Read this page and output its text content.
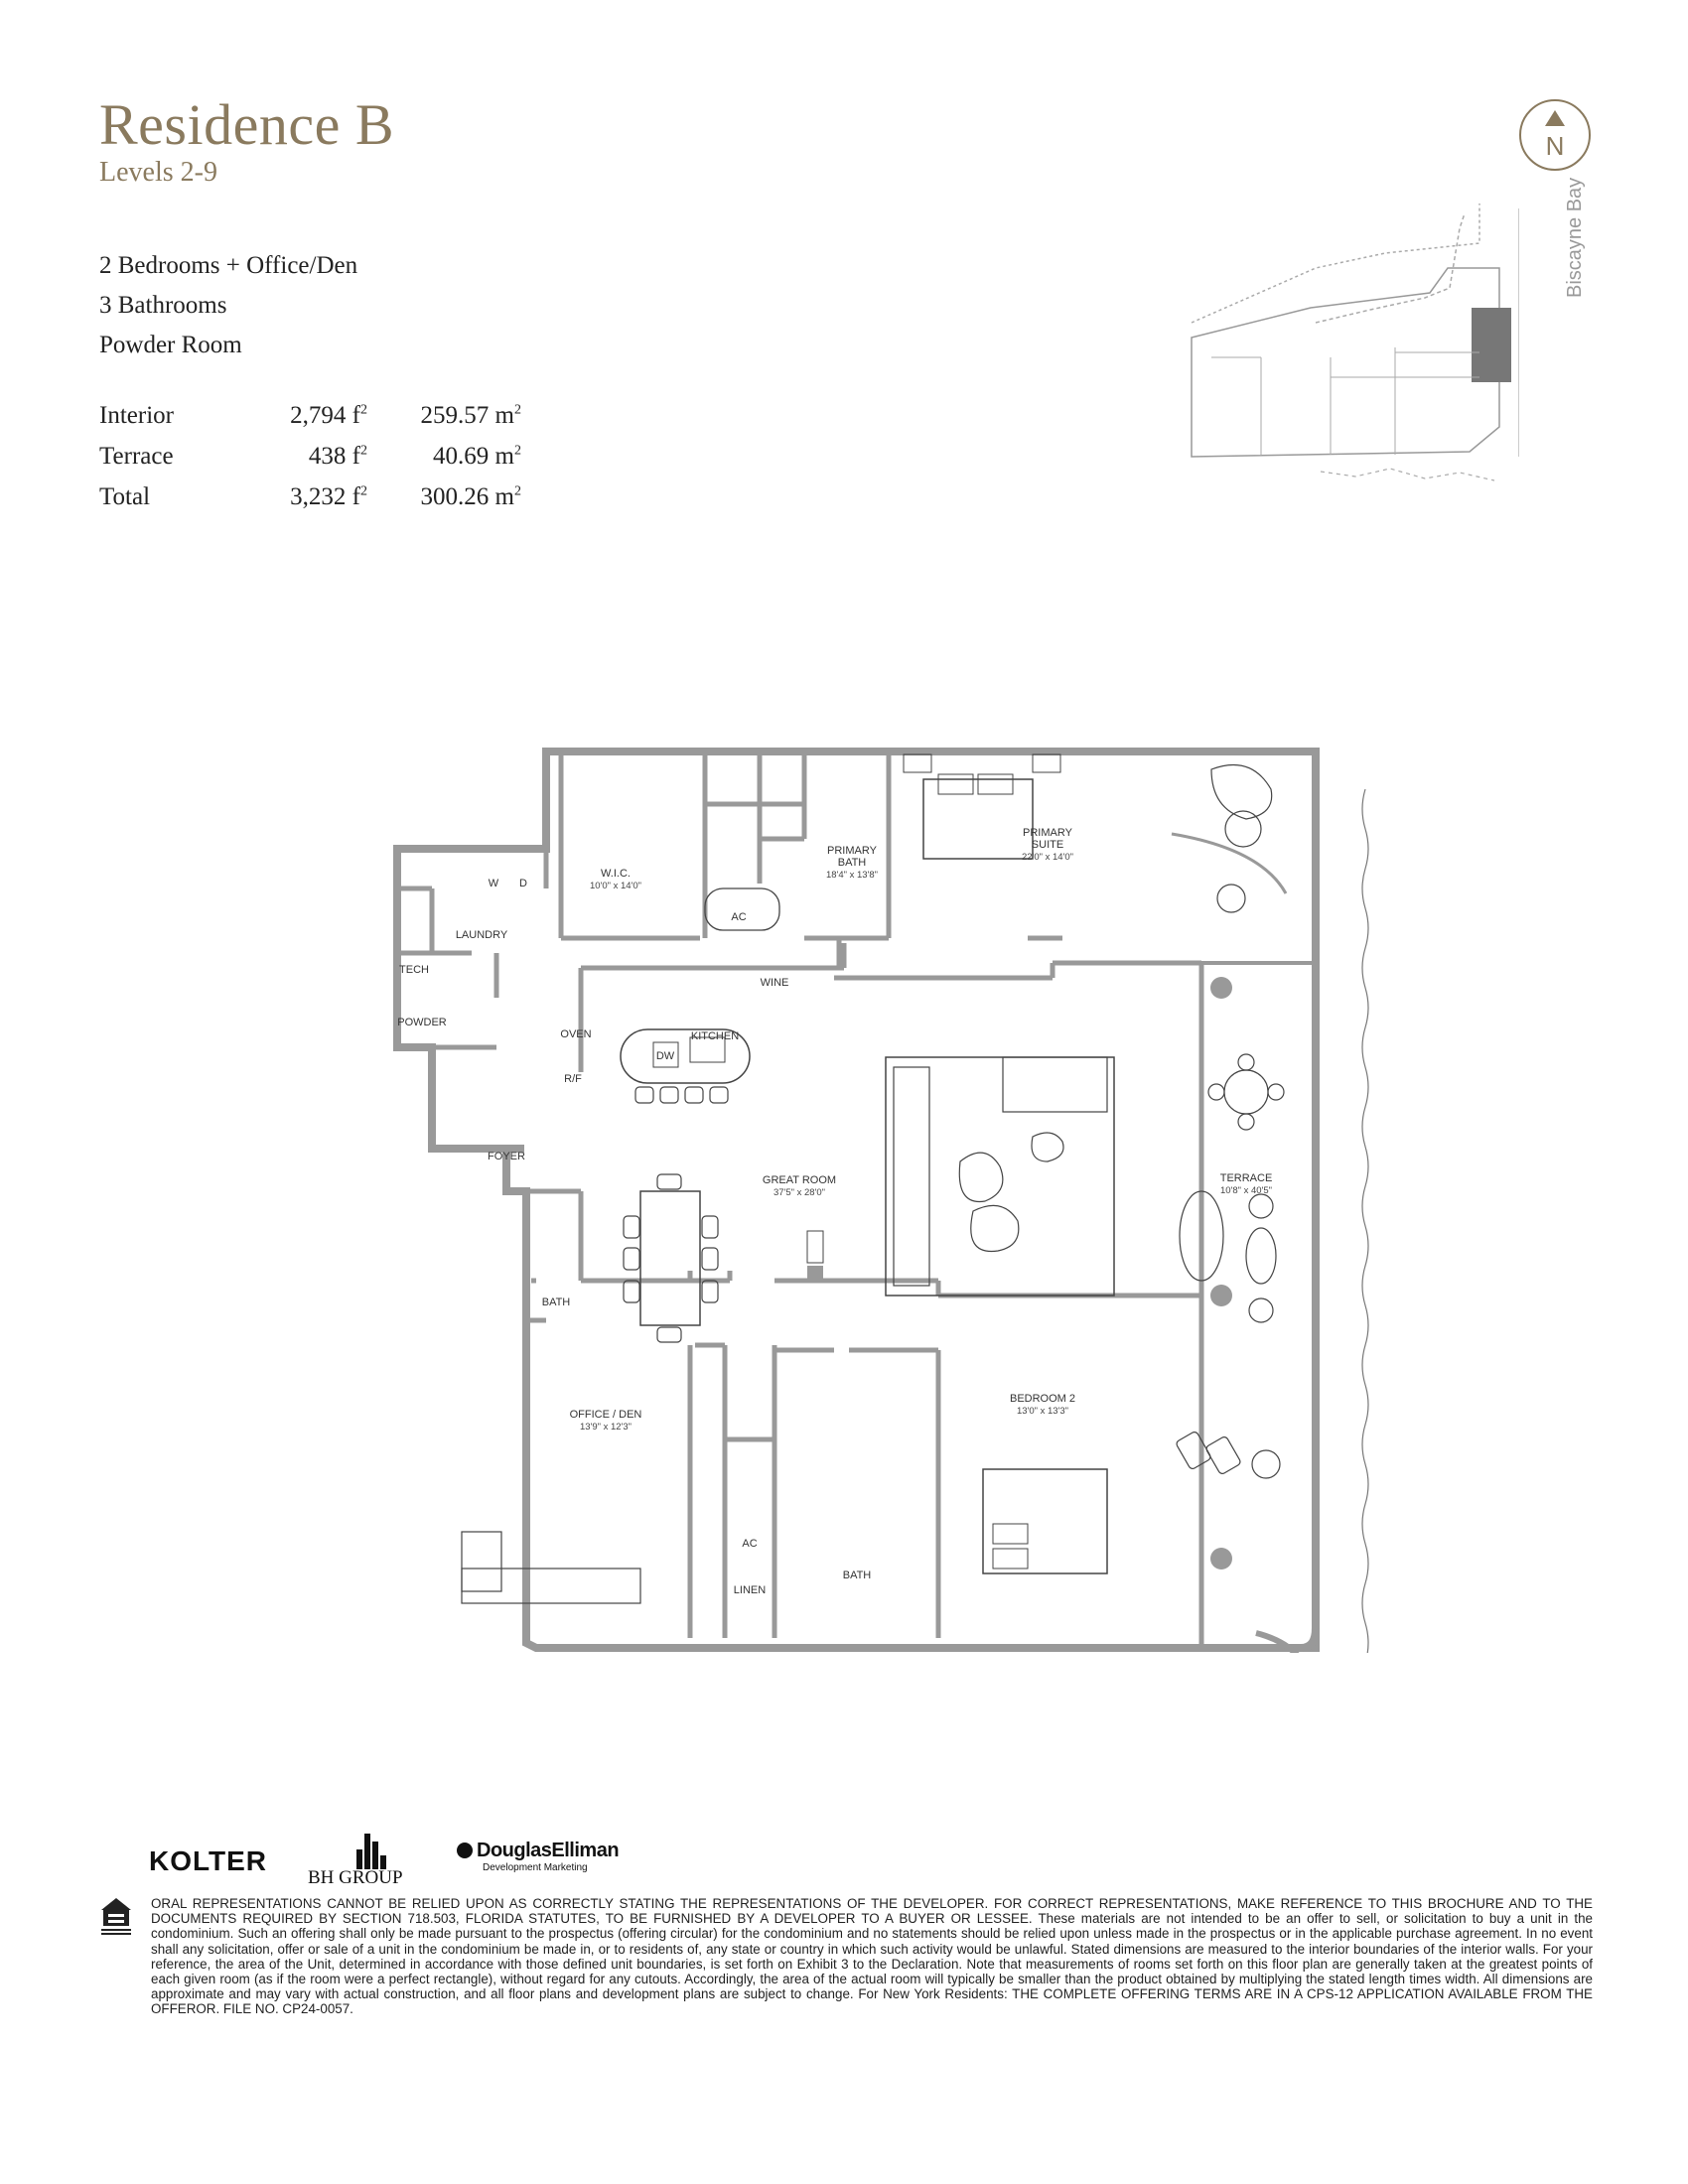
Residence B
Levels 2-9
2 Bedrooms + Office/Den
3 Bathrooms
Powder Room
Interior	2,794 $f^2$	259.57 $m^2$
Terrace	438 $f^2$	40.69 $m^2$
Total	3,232 $f^2$	300.26 $m^2$
N
Biscayne Bay
W.I.C.
10'0" x 14'0"
PRIMARY
BATH
18'4" x 13'8"
PRIMARY
SUITE
22'0" x 14'0"
LAUNDRY
TECH
POWDER
KITCHEN
WINE
OVEN
R/F
DW
W D
AC
FOYER
GREAT ROOM
37'5" x 28'0"
TERRACE
10'8" x 40'5"
BATH
OFFICE / DEN
13'9" x 12'3"
BEDROOM 2
13'0" x 13'3"
AC
LINEN
BATH
KOLTER
BH GROUP
DouglasElliman
Development Marketing
ORAL REPRESENTATIONS CANNOT BE RELIED UPON AS CORRECTLY STATING THE REPRESENTATIONS OF THE DEVELOPER. FOR CORRECT REPRESENTATIONS, MAKE REFERENCE TO THIS BROCHURE AND TO THE DOCUMENTS REQUIRED BY SECTION 718.503, FLORIDA STATUTES, TO BE FURNISHED BY A DEVELOPER TO A BUYER OR LESSEE. These materials are not intended to be an offer to sell, or solicitation to buy a unit in the condominium. Such an offering shall only be made pursuant to the prospectus (offering circular) for the condominium and no statements should be relied upon unless made in the prospectus or in the applicable purchase agreement. In no event shall any solicitation, offer or sale of a unit in the condominium be made in, or to residents of, any state or country in which such activity would be unlawful. Stated dimensions are measured to the interior boundaries of the interior walls. For your reference, the area of the Unit, determined in accordance with those defined unit boundaries, is set forth on Exhibit 3 to the Declaration. Note that measurements of rooms set forth on this floor plan are generally taken at the greatest points of each given room (as if the room were a perfect rectangle), without regard for any cutouts. Accordingly, the area of the actual room will typically be smaller than the product obtained by multiplying the stated length times width. All dimensions are approximate and may vary with actual construction, and all floor plans and development plans are subject to change. For New York Residents: THE COMPLETE OFFERING TERMS ARE IN A CPS-12 APPLICATION AVAILABLE FROM THE OFFEROR. FILE NO. CP24-0057.
